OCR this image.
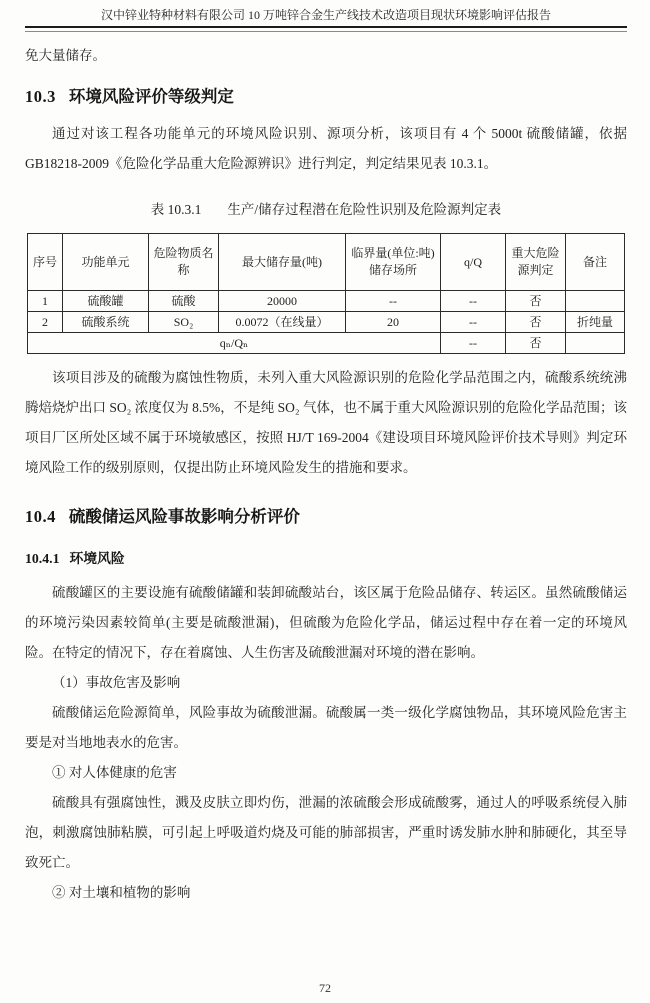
汉中锌业特种材料有限公司 10 万吨锌合金生产线技术改造项目现状环境影响评估报告

免大量储存。

10.3 环境风险评价等级判定

通过对该工程各功能单元的环境风险识别、源项分析，该项目有 4 个 5000t 硫酸储罐，依据 GB18218-2009《危险化学品重大危险源辨识》进行判定，判定结果见表 10.3.1。

表 10.3.1 生产/储存过程潜在危险性识别及危险源判定表
序号	功能单元	危险物质名称	最大储存量(吨)	临界量(单位:吨)储存场所	q/Q	重大危险源判定	备注
1	硫酸罐	硫酸	20000	--	--	否	
2	硫酸系统	SO₂	0.0072（在线量）	20	--	否	折纯量
qₙ/Qₙ					--	否	

该项目涉及的硫酸为腐蚀性物质，未列入重大风险源识别的危险化学品范围之内，硫酸系统统沸腾焙烧炉出口 SO₂ 浓度仅为 8.5%，不是纯 SO₂ 气体，也不属于重大风险源识别的危险化学品范围；该项目厂区所处区域不属于环境敏感区，按照 HJ/T 169-2004《建设项目环境风险评价技术导则》判定环境风险工作的级别原则，仅提出防止环境风险发生的措施和要求。

10.4 硫酸储运风险事故影响分析评价
10.4.1 环境风险

硫酸罐区的主要设施有硫酸储罐和装卸硫酸站台，该区属于危险品储存、转运区。虽然硫酸储运的环境污染因素较简单(主要是硫酸泄漏)，但硫酸为危险化学品，储运过程中存在着一定的环境风险。在特定的情况下，存在着腐蚀、人生伤害及硫酸泄漏对环境的潜在影响。

（1）事故危害及影响

硫酸储运危险源简单，风险事故为硫酸泄漏。硫酸属一类一级化学腐蚀物品，其环境风险危害主要是对当地地表水的危害。

① 对人体健康的危害

硫酸具有强腐蚀性，溅及皮肤立即灼伤，泄漏的浓硫酸会形成硫酸雾，通过人的呼吸系统侵入肺泡，刺激腐蚀肺粘膜，可引起上呼吸道灼烧及可能的肺部损害，严重时诱发肺水肿和肺硬化，其至导致死亡。

② 对土壤和植物的影响

72
